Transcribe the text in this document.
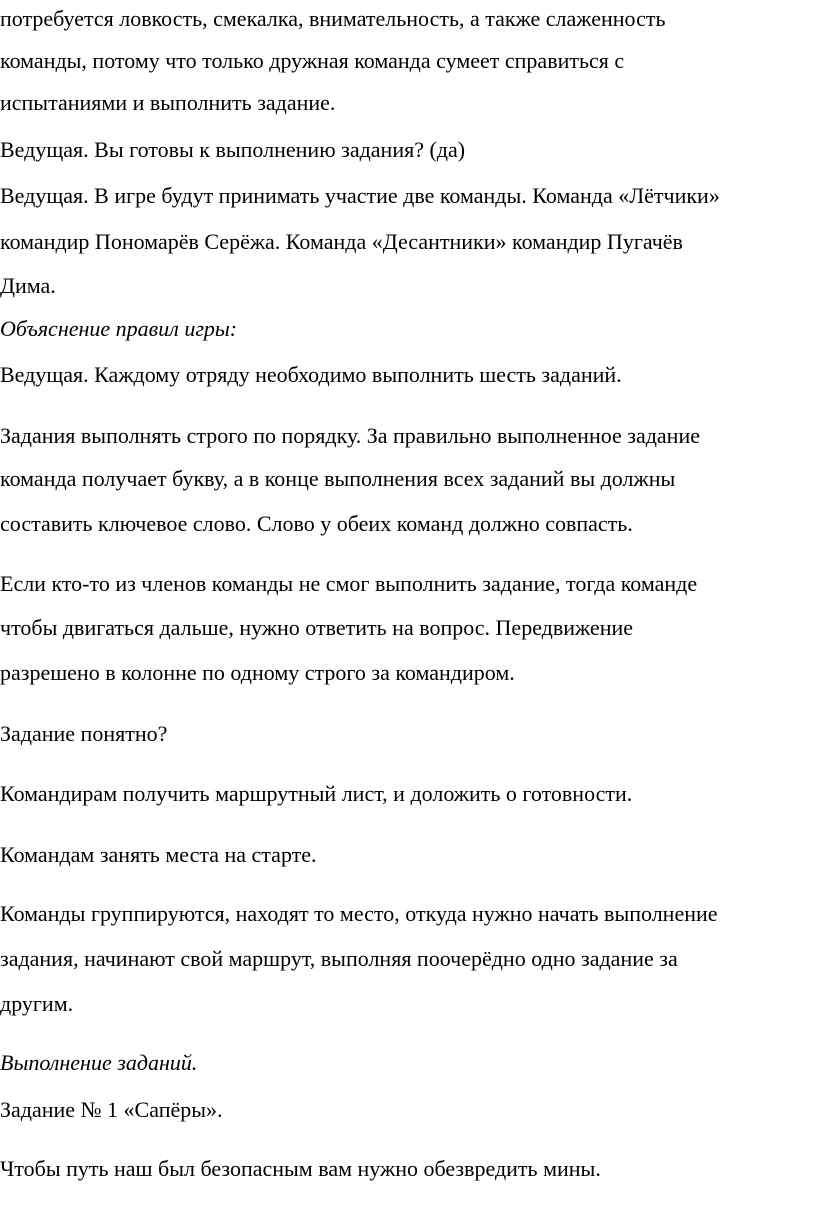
потребуется ловкость, смекалка, внимательность, а также слаженность
команды, потому что только дружная команда сумеет справиться с
испытаниями и выполнить задание.
Ведущая. Вы готовы к выполнению задания? (да)
Ведущая. В игре будут принимать участие две команды. Команда «Лётчики»
командир Пономарёв Серёжа. Команда «Десантники» командир Пугачёв
Дима.
Объяснение правил игры:
Ведущая. Каждому отряду необходимо выполнить шесть заданий.
Задания выполнять строго по порядку. За правильно выполненное задание
команда получает букву, а в конце выполнения всех заданий вы должны
составить ключевое слово. Слово у обеих команд должно совпасть.
Если кто-то из членов команды не смог выполнить задание, тогда команде
чтобы двигаться дальше, нужно ответить на вопрос. Передвижение
разрешено в колонне по одному строго за командиром.
Задание понятно?
Командирам получить маршрутный лист, и доложить о готовности.
Командам занять места на старте.
Команды группируются, находят то место, откуда нужно начать выполнение
задания, начинают свой маршрут, выполняя поочерёдно одно задание за
другим.
Выполнение заданий.
Задание № 1 «Сапёры».
Чтобы путь наш был безопасным вам нужно обезвредить мины.
